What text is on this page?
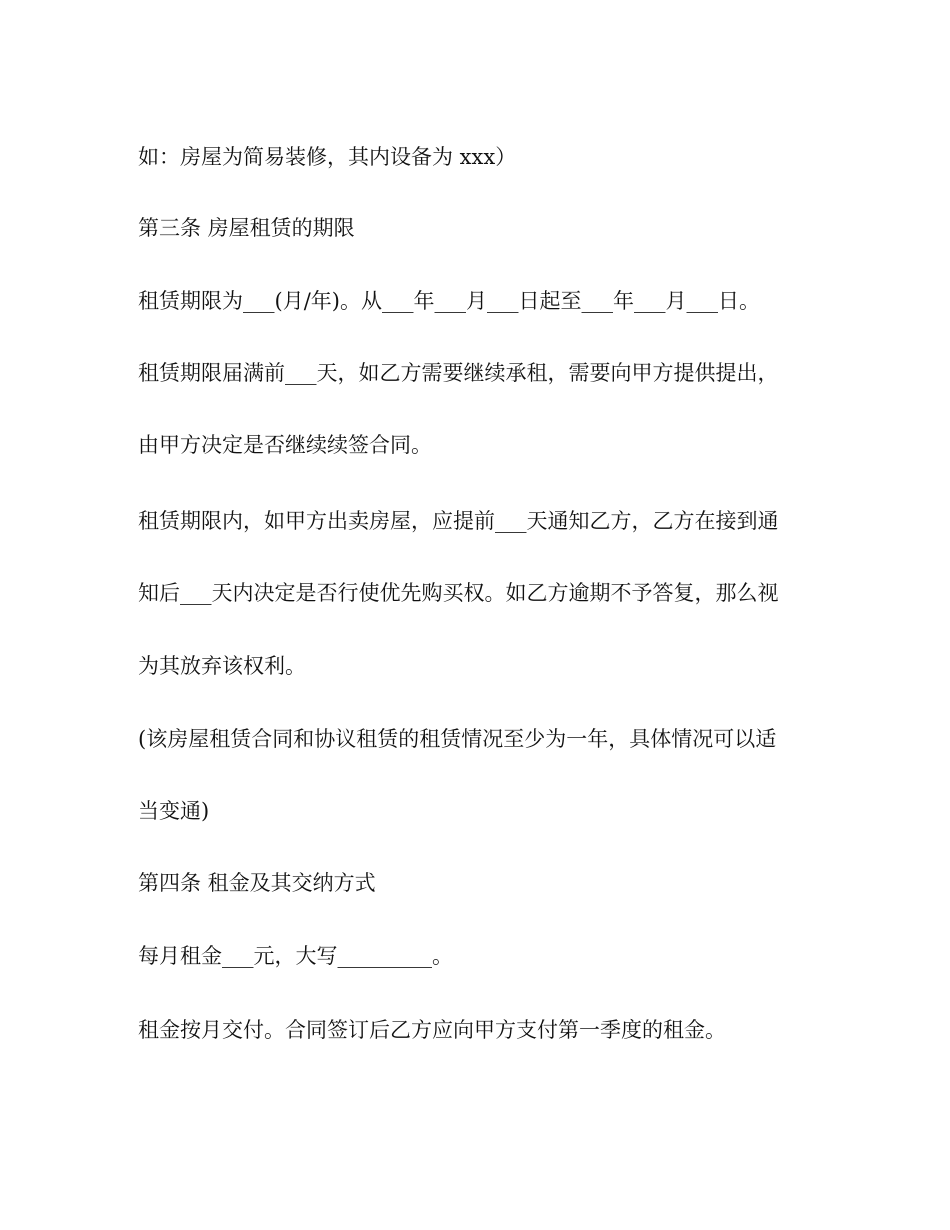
如：房屋为简易装修，其内设备为 xxx）

第三条 房屋租赁的期限

租赁期限为___(月/年)。从___年___月___日起至___年___月___日。

租赁期限届满前___天，如乙方需要继续承租，需要向甲方提供提出，

由甲方决定是否继续续签合同。

租赁期限内，如甲方出卖房屋，应提前___天通知乙方，乙方在接到通

知后___天内决定是否行使优先购买权。如乙方逾期不予答复，那么视

为其放弃该权利。

(该房屋租赁合同和协议租赁的租赁情况至少为一年，具体情况可以适

当变通)

第四条 租金及其交纳方式

每月租金___元，大写_________。

租金按月交付。合同签订后乙方应向甲方支付第一季度的租金。
